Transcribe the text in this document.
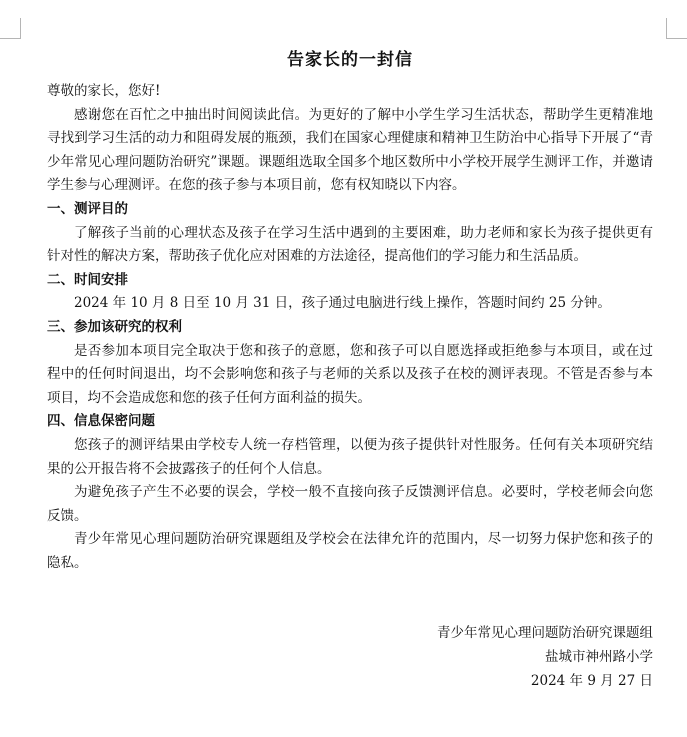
告家长的一封信

尊敬的家长，您好!

感谢您在百忙之中抽出时间阅读此信。为更好的了解中小学生学习生活状态，帮助学生更精准地寻找到学习生活的动力和阻碍发展的瓶颈，我们在国家心理健康和精神卫生防治中心指导下开展了“青少年常见心理问题防治研究”课题。课题组选取全国多个地区数所中小学校开展学生测评工作，并邀请学生参与心理测评。在您的孩子参与本项目前，您有权知晓以下内容。

一、测评目的

了解孩子当前的心理状态及孩子在学习生活中遇到的主要困难，助力老师和家长为孩子提供更有针对性的解决方案，帮助孩子优化应对困难的方法途径，提高他们的学习能力和生活品质。

二、时间安排

2024 年 10 月 8 日至 10 月 31 日，孩子通过电脑进行线上操作，答题时间约 25 分钟。

三、参加该研究的权利

是否参加本项目完全取决于您和孩子的意愿，您和孩子可以自愿选择或拒绝参与本项目，或在过程中的任何时间退出，均不会影响您和孩子与老师的关系以及孩子在校的测评表现。不管是否参与本项目，均不会造成您和您的孩子任何方面利益的损失。

四、信息保密问题

您孩子的测评结果由学校专人统一存档管理，以便为孩子提供针对性服务。任何有关本项研究结果的公开报告将不会披露孩子的任何个人信息。

为避免孩子产生不必要的误会，学校一般不直接向孩子反馈测评信息。必要时，学校老师会向您反馈。

青少年常见心理问题防治研究课题组及学校会在法律允许的范围内，尽一切努力保护您和孩子的隐私。

青少年常见心理问题防治研究课题组

盐城市神州路小学

2024 年 9 月 27 日
